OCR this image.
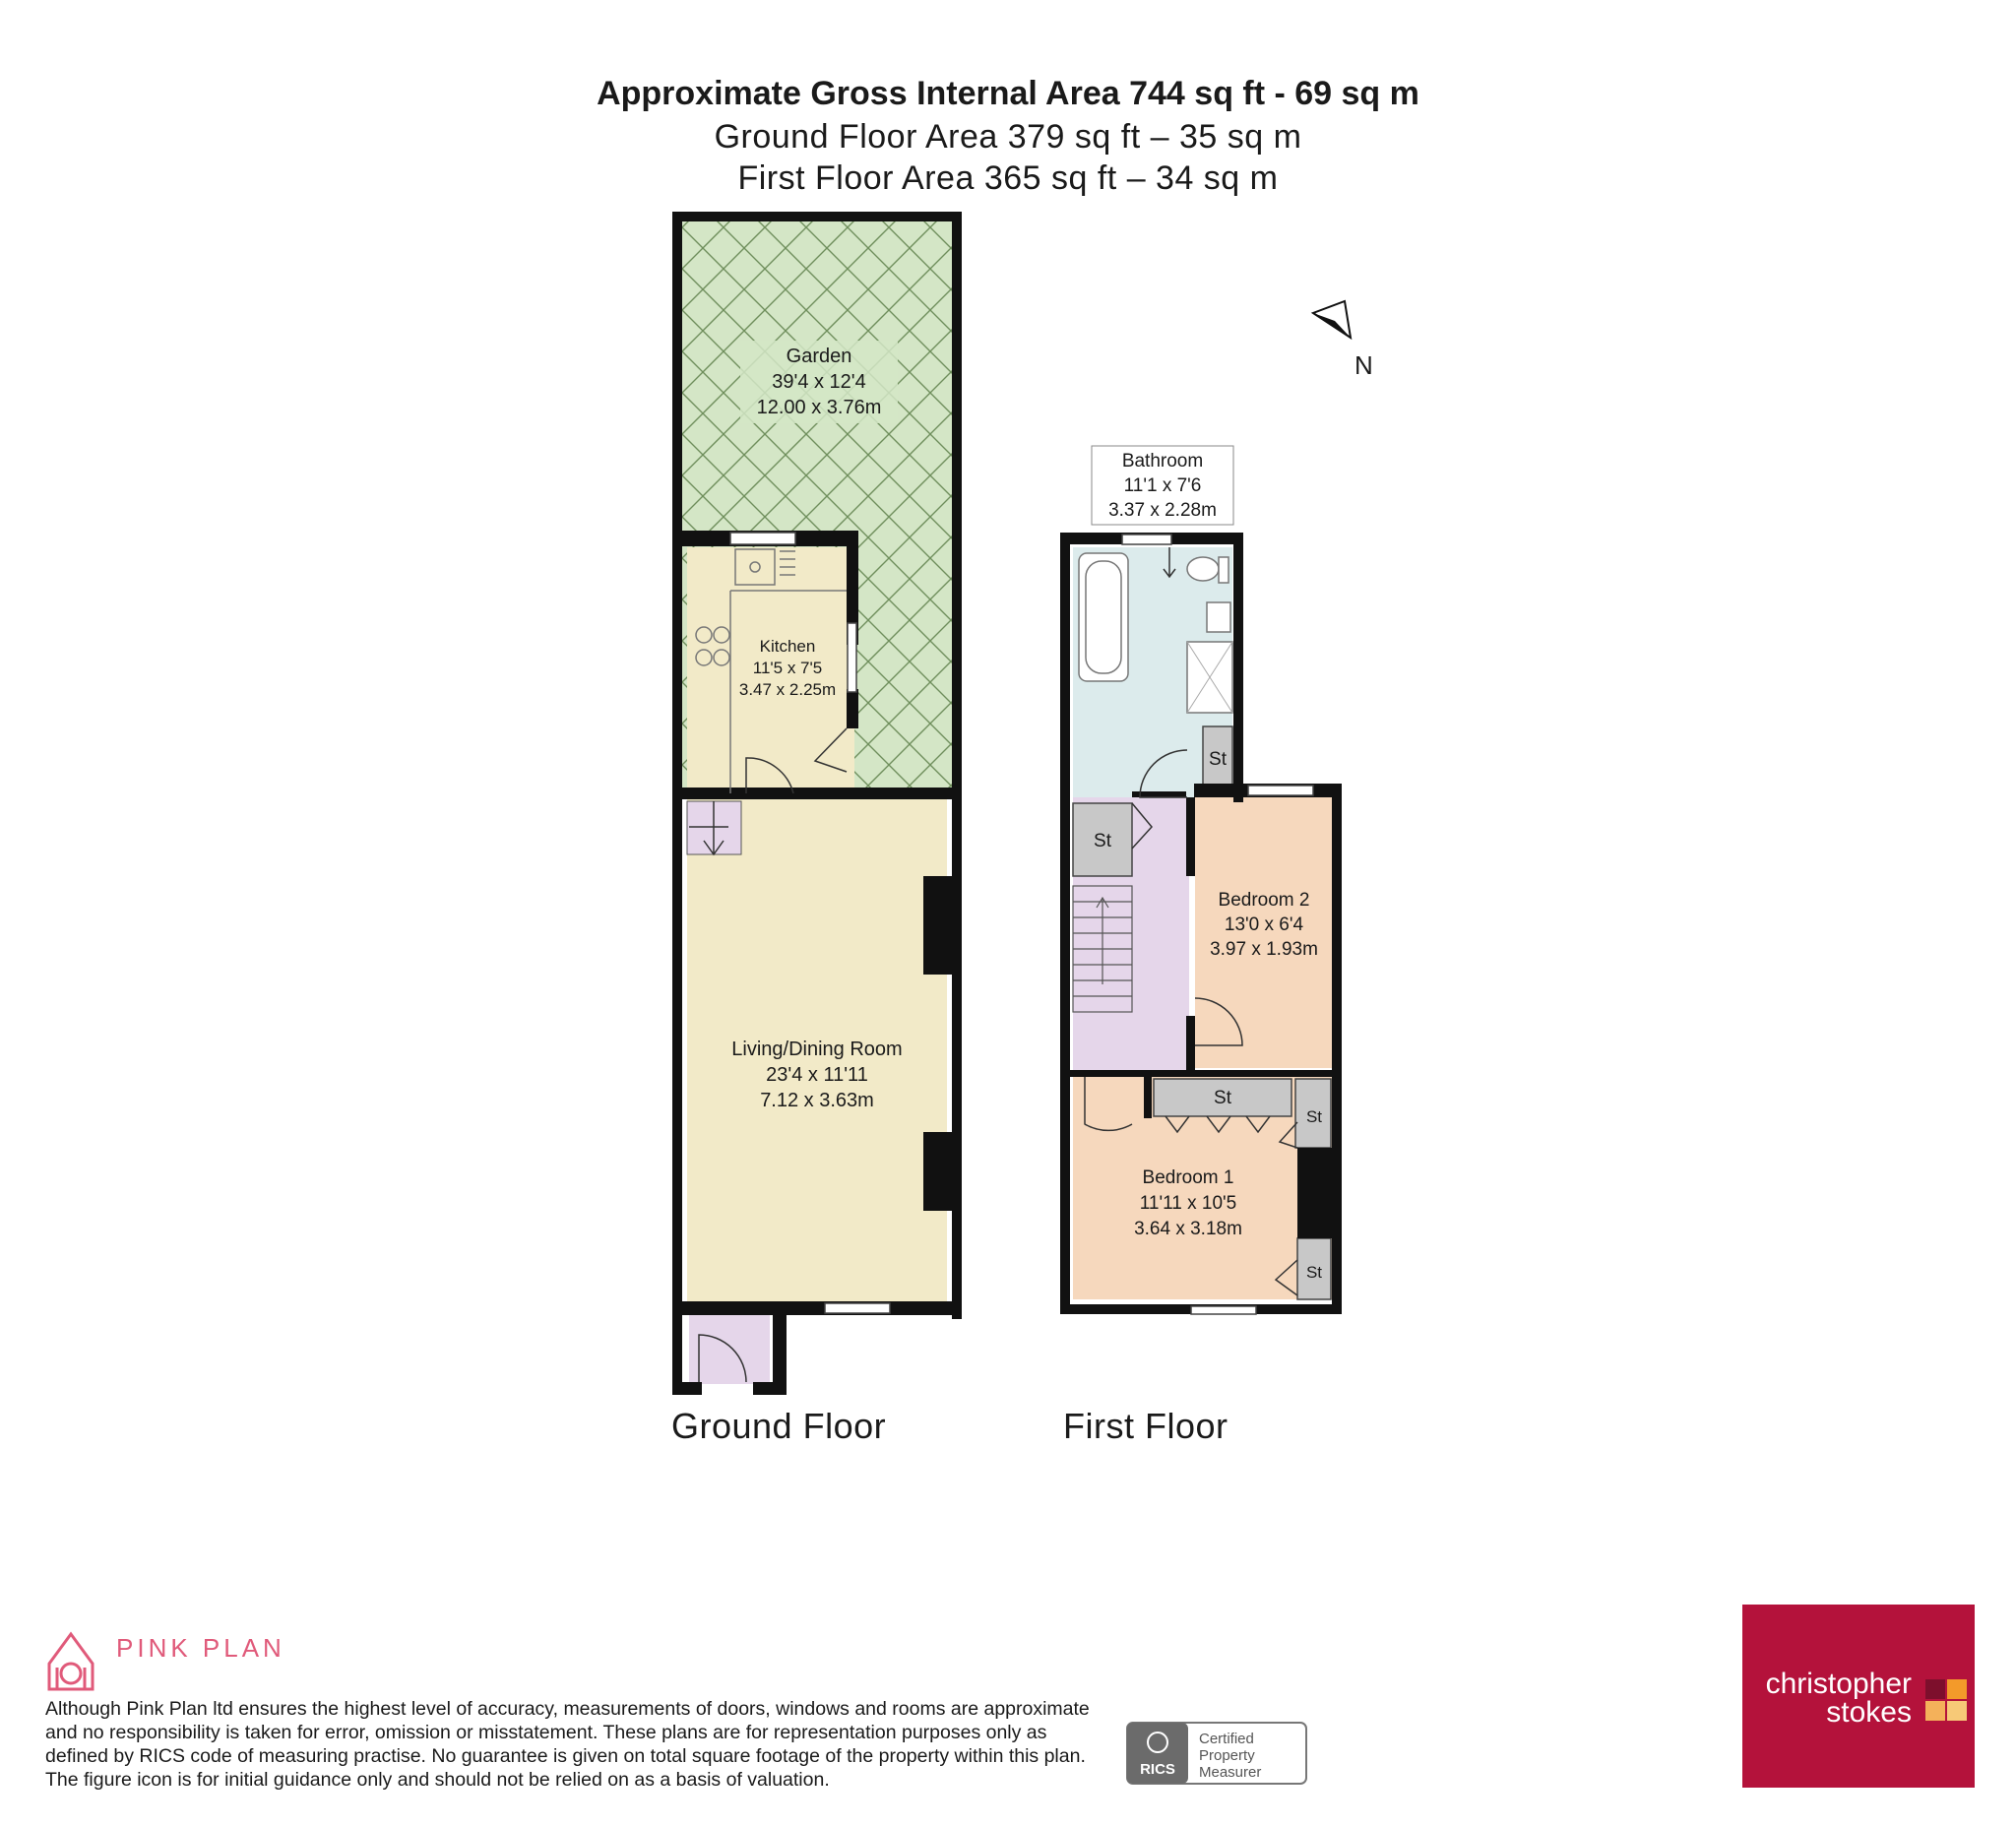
Approximate Gross Internal Area 744 sq ft - 69 sq m
Ground Floor Area 379 sq ft – 35 sq m
First Floor Area 365 sq ft – 34 sq m
Garden
39'4 x 12'4
12.00 x 3.76m
Kitchen
11'5 x 7'5
3.47 x 2.25m
Living/Dining Room
23'4 x 11'11
7.12 x 3.63m
Bathroom
11'1 x 7'6
3.37 x 2.28m
Bedroom 2
13'0 x 6'4
3.97 x 1.93m
Bedroom 1
11'11 x 10'5
3.64 x 3.18m
St
St
St
St
St
N
RICS
Certified
Property
Measurer
Ground Floor	First Floor
PINK PLAN
Although Pink Plan ltd ensures the highest level of accuracy, measurements of doors, windows and rooms are approximate and no responsibility is taken for error, omission or misstatement. These plans are for representation purposes only as defined by RICS code of measuring practise. No guarantee is given on total square footage of the property within this plan. The figure icon is for initial guidance only and should not be relied on as a basis of valuation.
christopher
stokes
